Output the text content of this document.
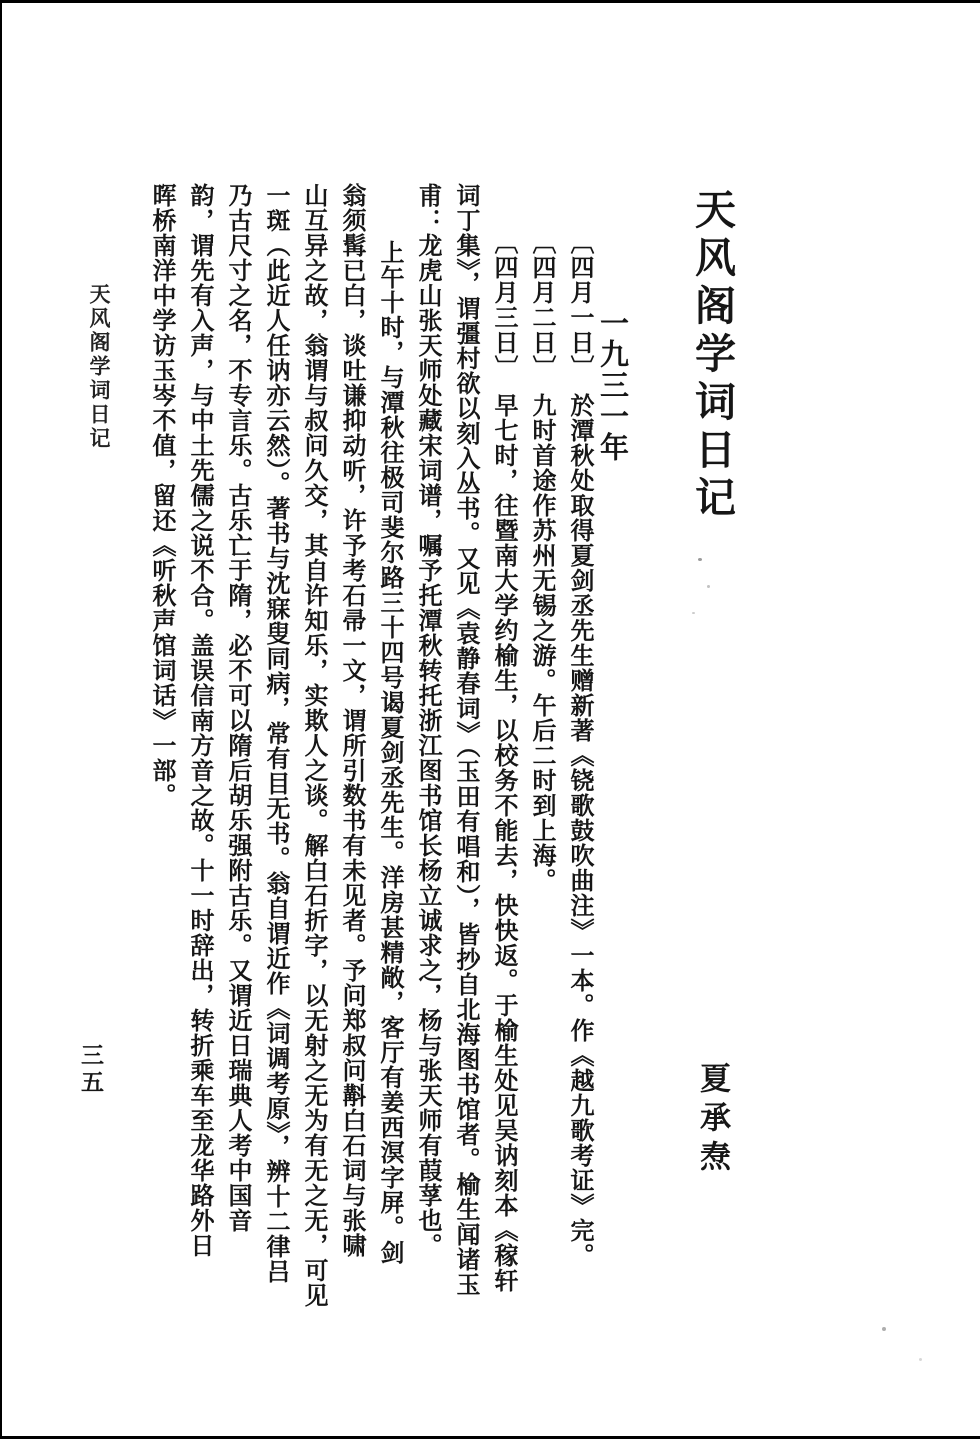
天风阁学词日记
一九三一年
夏承焘
〔四月一日〕　於潭秋处取得夏剑丞先生赠新著《铙歌鼓吹曲注》一本。作《越九歌考证》完。
〔四月二日〕　九时首途作苏州无锡之游。午后二时到上海。
〔四月三日〕　早七时，往暨南大学约榆生，以校务不能去，快快返。于榆生处见吴讷刻本《稼轩
词丁集》，谓彊村欲以刻入丛书。又见《袁静春词》（玉田有唱和），皆抄自北海图书馆者。榆生闻诸玉
甫：龙虎山张天师处藏宋词谱，嘱予托潭秋转托浙江图书馆长杨立诚求之，杨与张天师有葭莩也。
上午十时，与潭秋往极司斐尔路三十四号谒夏剑丞先生。洋房甚精敞，客厅有姜西溟字屏。剑
翁须髯已白，谈吐谦抑动听，许予考石帚一文，谓所引数书有未见者。予问郑叔问斠白石词与张啸
山互异之故，翁谓与叔问久交，其自许知乐，实欺人之谈。解白石折字，以无射之无为有无之无，可见
一斑（此近人任讷亦云然）。著书与沈寐叟同病，常有目无书。翁自谓近作《词调考原》，辨十二律吕
乃古尺寸之名，不专言乐。古乐亡于隋，必不可以隋后胡乐强附古乐。又谓近日瑞典人考中国音
韵，谓先有入声，与中土先儒之说不合。盖误信南方音之故。十一时辞出，转折乘车至龙华路外日
晖桥南洋中学访玉岑不值，留还《听秋声馆词话》一部。
天风阁学词日记
三五
